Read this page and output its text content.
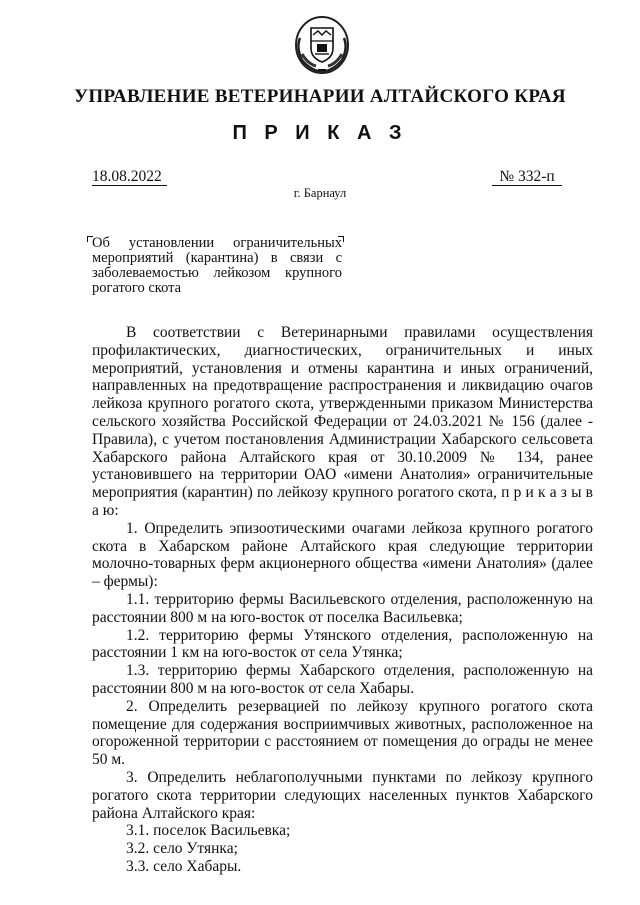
УПРАВЛЕНИЕ ВЕТЕРИНАРИИ АЛТАЙСКОГО КРАЯ
П Р И К А З
18.08.2022	№ 332-п
г. Барнаул
Об установлении ограничительных мероприятий (карантина) в связи с заболеваемостью лейкозом крупного рогатого скота

В соответствии с Ветеринарными правилами осуществления профилактических, диагностических, ограничительных и иных мероприятий, установления и отмены карантина и иных ограничений, направленных на предотвращение распространения и ликвидацию очагов лейкоза крупного рогатого скота, утвержденными приказом Министерства сельского хозяйства Российской Федерации от 24.03.2021 № 156 (далее - Правила), с учетом постановления Администрации Хабарского сельсовета Хабарского района Алтайского края от 30.10.2009 № 134, ранее установившего на территории ОАО «имени Анатолия» ограничительные мероприятия (карантин) по лейкозу крупного рогатого скота, п р и к а з ы в а ю:

1. Определить эпизоотическими очагами лейкоза крупного рогатого скота в Хабарском районе Алтайского края следующие территории молочно-товарных ферм акционерного общества «имени Анатолия» (далее – фермы):

1.1. территорию фермы Васильевского отделения, расположенную на расстоянии 800 м на юго-восток от поселка Васильевка;

1.2. территорию фермы Утянского отделения, расположенную на расстоянии 1 км на юго-восток от села Утянка;

1.3. территорию фермы Хабарского отделения, расположенную на расстоянии 800 м на юго-восток от села Хабары.

2. Определить резервацией по лейкозу крупного рогатого скота помещение для содержания восприимчивых животных, расположенное на огороженной территории с расстоянием от помещения до ограды не менее 50 м.

3. Определить неблагополучными пунктами по лейкозу крупного рогатого скота территории следующих населенных пунктов Хабарского района Алтайского края:

3.1. поселок Васильевка;

3.2. село Утянка;

3.3. село Хабары.
